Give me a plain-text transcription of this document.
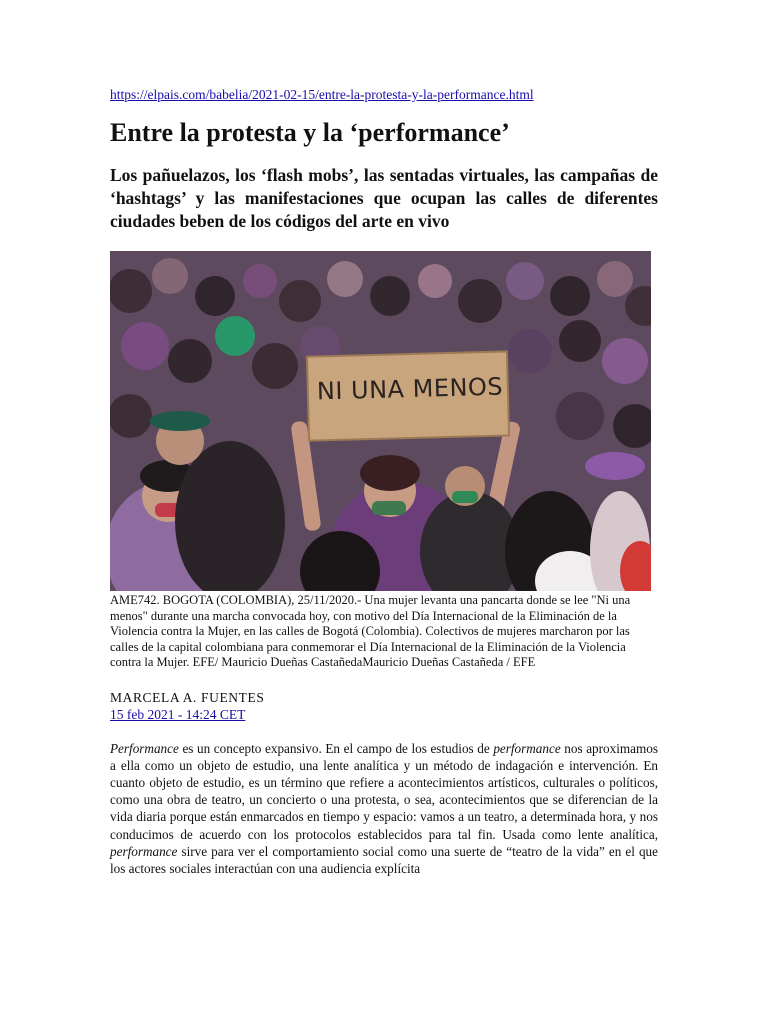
https://elpais.com/babelia/2021-02-15/entre-la-protesta-y-la-performance.html
Entre la protesta y la ‘performance’

Los pañuelazos, los ‘flash mobs’, las sentadas virtuales, las campañas de ‘hashtags’ y las manifestaciones que ocupan las calles de diferentes ciudades beben de los códigos del arte en vivo

NI UNA MENOS

AME742. BOGOTA (COLOMBIA), 25/11/2020.- Una mujer levanta una pancarta donde se lee "Ni una menos" durante una marcha convocada hoy, con motivo del Día Internacional de la Eliminación de la Violencia contra la Mujer, en las calles de Bogotá (Colombia). Colectivos de mujeres marcharon por las calles de la capital colombiana para conmemorar el Día Internacional de la Eliminación de la Violencia contra la Mujer. EFE/ Mauricio Dueñas CastañedaMauricio Dueñas Castañeda / EFE

MARCELA A. FUENTES
15 feb 2021 - 14:24 CET

Performance es un concepto expansivo. En el campo de los estudios de performance nos aproximamos a ella como un objeto de estudio, una lente analítica y un método de indagación e intervención. En cuanto objeto de estudio, es un término que refiere a acontecimientos artísticos, culturales o políticos, como una obra de teatro, un concierto o una protesta, o sea, acontecimientos que se diferencian de la vida diaria porque están enmarcados en tiempo y espacio: vamos a un teatro, a determinada hora, y nos conducimos de acuerdo con los protocolos establecidos para tal fin. Usada como lente analítica, performance sirve para ver el comportamiento social como una suerte de “teatro de la vida” en el que los actores sociales interactúan con una audiencia explícita
